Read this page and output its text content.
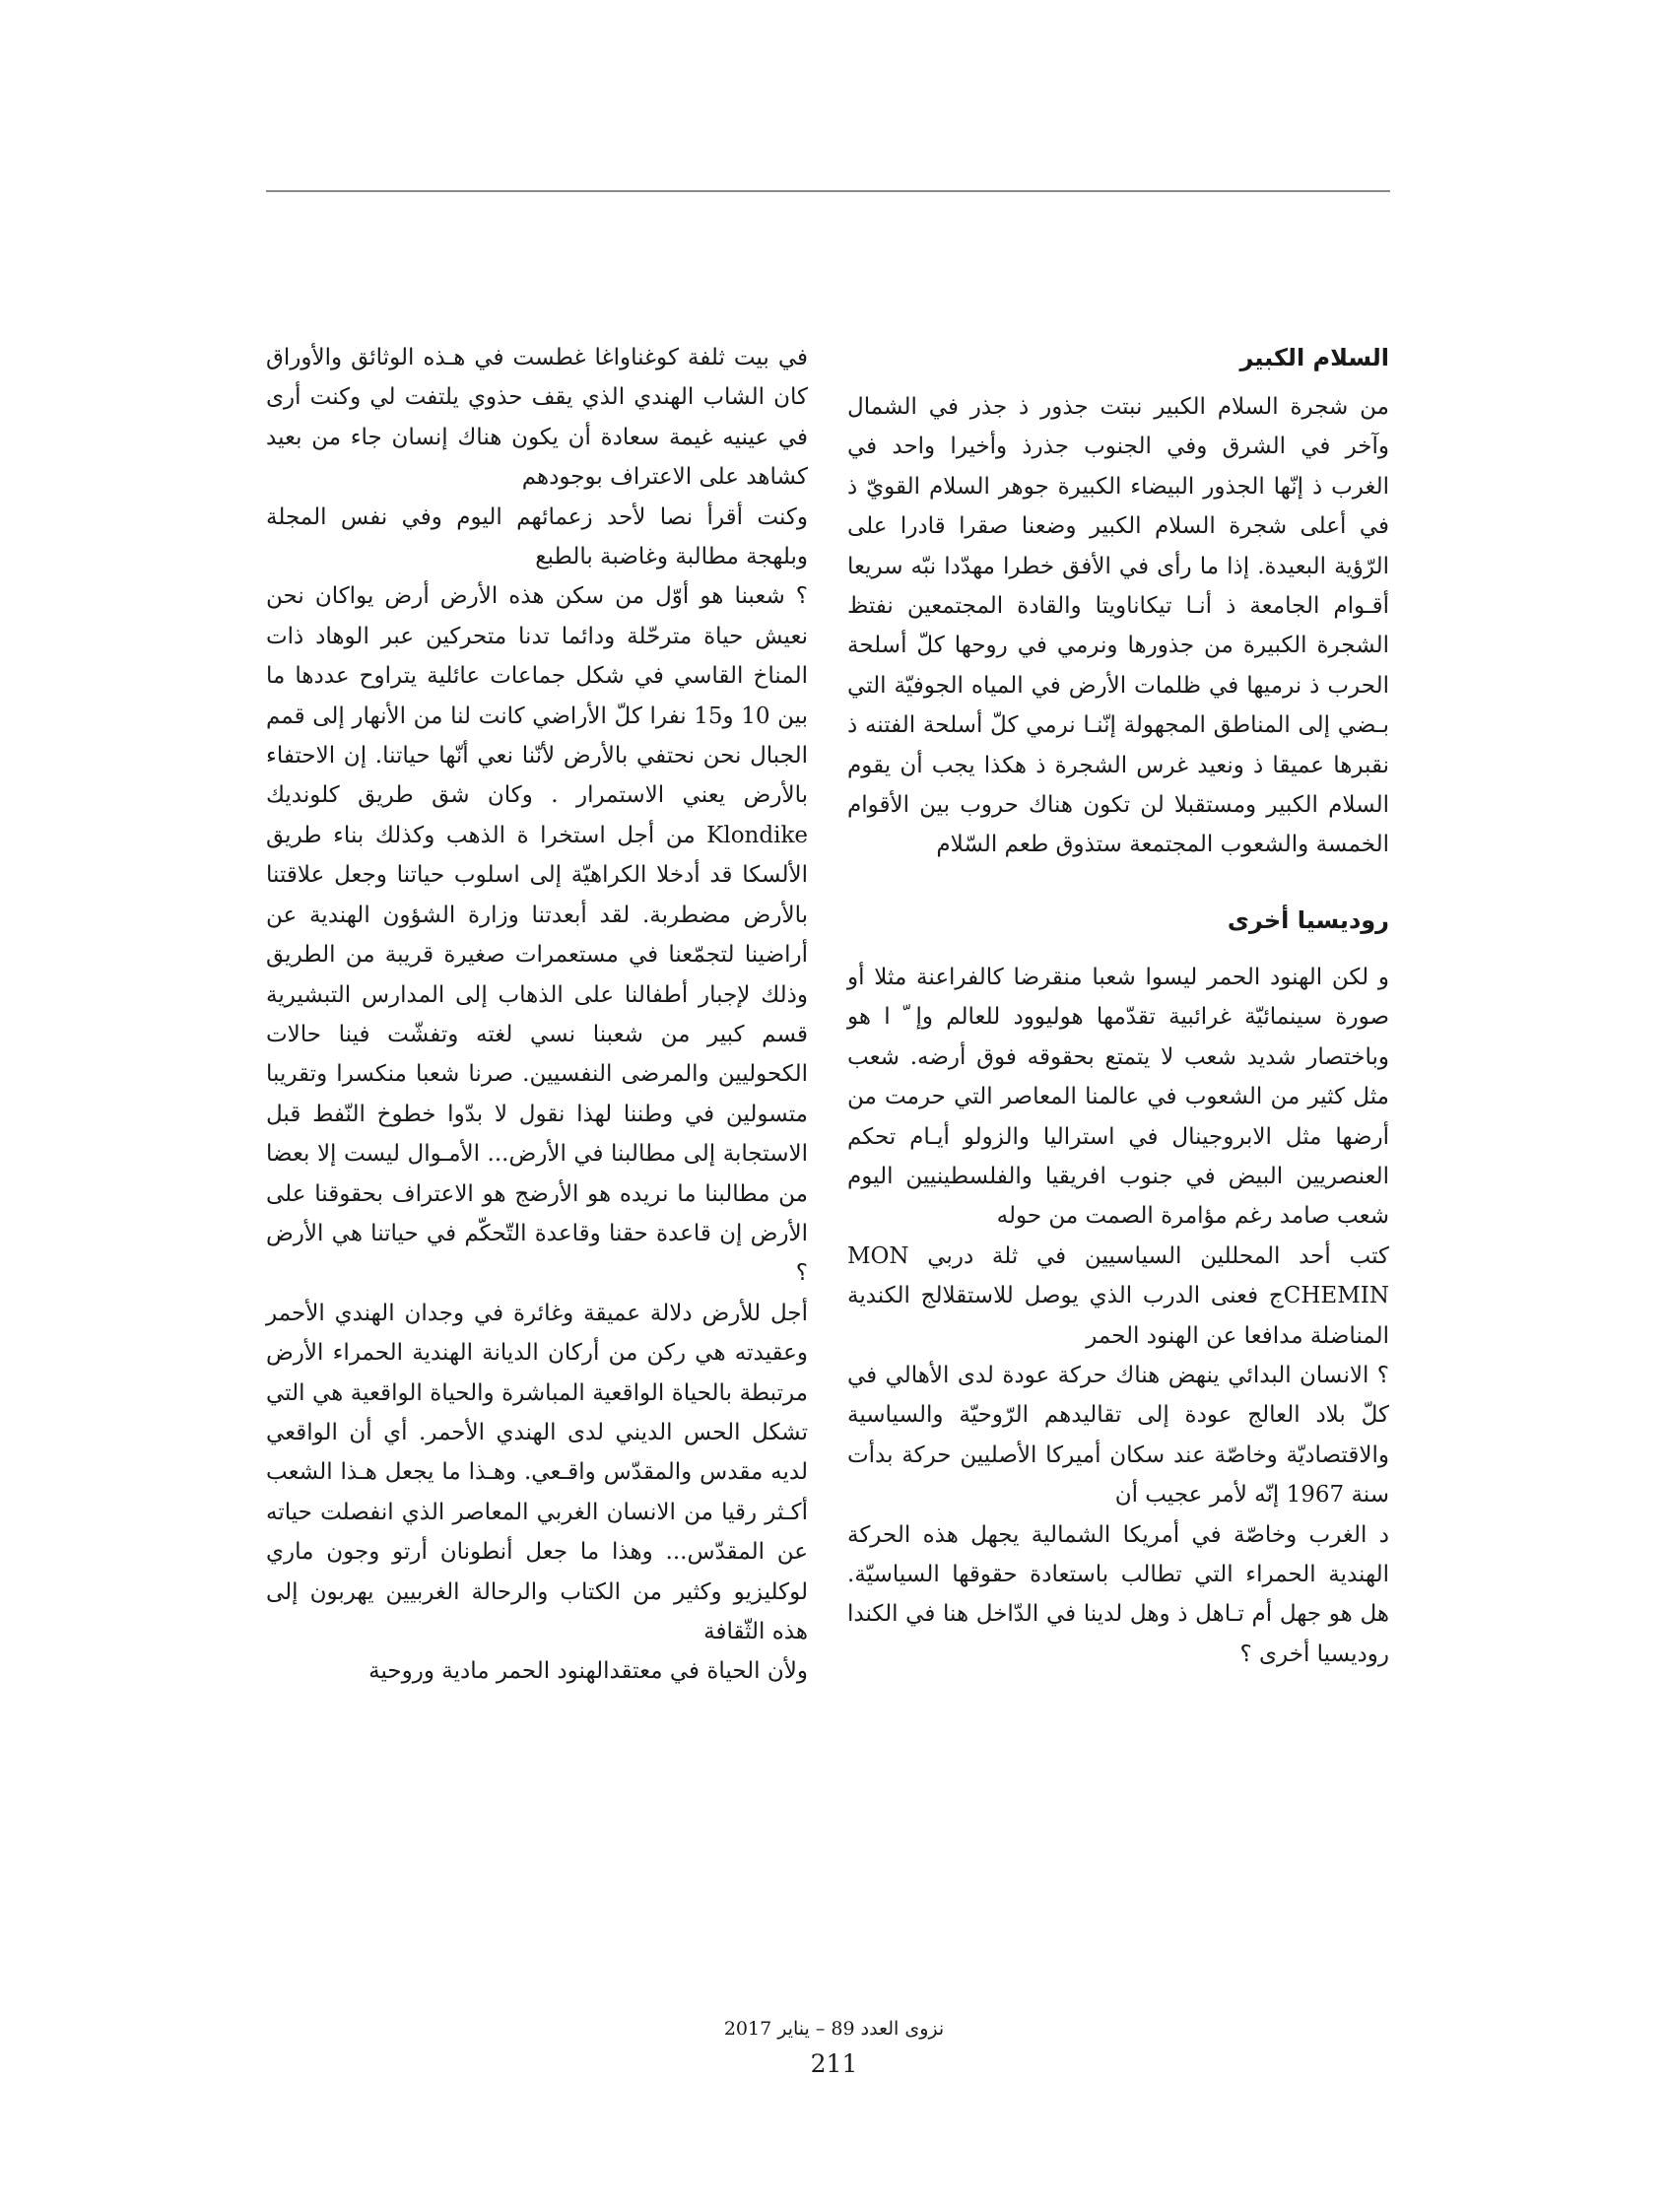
السلام الكبير

من شجرة السلام الكبير نبتت جذور ذ جذر في الشمال وآخر في الشرق وفي الجنوب جذرذ وأخيرا واحد في الغرب ذ إنّها الجذور البيضاء الكبيرة جوهر السلام القويّ ذ في أعلى شجرة السلام الكبير وضعنا صقرا قادرا على الرّؤية البعيدة. إذا ما رأى في الأفق خطرا مهدّدا نبّه سريعا أقـوام الجامعة ذ أنـا تيكاناويتا والقادة المجتمعين نفتظ الشجرة الكبيرة من جذورها ونرمي في روحها كلّ أسلحة الحرب ذ نرميها في ظلمات الأرض في المياه الجوفيّة التي بـضي إلى المناطق المجهولة إنّنـا نرمي كلّ أسلحة الفتنه ذ نقبرها عميقا ذ ونعيد غرس الشجرة ذ هكذا يجب أن يقوم السلام الكبير ومستقبلا لن تكون هناك حروب بين الأقوام الخمسة والشعوب المجتمعة ستذوق طعم السّلام

روديسيا أخرى

و لكن الهنود الحمر ليسوا شعبا منقرضا كالفراعنة مثلا أو صورة سينمائيّة غرائبية تقدّمها هوليوود للعالم وإ ّ ا هو وباختصار شديد شعب لا يتمتع بحقوقه فوق أرضه. شعب مثل كثير من الشعوب في عالمنا المعاصر التي حرمت من أرضها مثل الابروجينال في استراليا والزولو أيـام تحكم العنصريين البيض في جنوب افريقيا والفلسطينيين اليوم شعب صامد رغم مؤامرة الصمت من حوله

كتب أحد المحللين السياسيين في ثلة دربي MON CHEMINج فعنى الدرب الذي يوصل للاستقلالج الكندية المناضلة مدافعا عن الهنود الحمر

؟ الانسان البدائي ينهض هناك حركة عودة لدى الأهالي في كلّ بلاد العالج عودة إلى تقاليدهم الرّوحيّة والسياسية والاقتصاديّة وخاصّة عند سكان أميركا الأصليين حركة بدأت سنة 1967 إنّه لأمر عجيب أن

د الغرب وخاصّة في أمريكا الشمالية يجهل هذه الحركة الهندية الحمراء التي تطالب باستعادة حقوقها السياسيّة. هل هو جهل أم تـاهل ذ وهل لدينا في الدّاخل هنا في الكندا روديسيا أخرى ؟

في بيت ثلفة كوغناواغا غطست في هـذه الوثائق والأوراق كان الشاب الهندي الذي يقف حذوي يلتفت لي وكنت أرى في عينيه غيمة سعادة أن يكون هناك إنسان جاء من بعيد كشاهد على الاعتراف بوجودهم

وكنت أقرأ نصا لأحد زعمائهم اليوم وفي نفس المجلة وبلهجة مطالبة وغاضبة بالطبع

؟ شعبنا هو أوّل من سكن هذه الأرض أرض يواكان نحن نعيش حياة مترحّلة ودائما تدنا متحركين عبر الوهاد ذات المناخ القاسي في شكل جماعات عائلية يتراوح عددها ما بين 10 و15 نفرا كلّ الأراضي كانت لنا من الأنهار إلى قمم الجبال نحن نحتفي بالأرض لأنّنا نعي أنّها حياتنا. إن الاحتفاء بالأرض يعني الاستمرار . وكان شق طريق كلونديك Klondike من أجل استخرا ة الذهب وكذلك بناء طريق الألسكا قد أدخلا الكراهيّة إلى اسلوب حياتنا وجعل علاقتنا بالأرض مضطربة. لقد أبعدتنا وزارة الشؤون الهندية عن أراضينا لتجمّعنا في مستعمرات صغيرة قريبة من الطريق وذلك لإجبار أطفالنا على الذهاب إلى المدارس التبشيرية قسم كبير من شعبنا نسي لغته وتفشّت فينا حالات الكحوليين والمرضى النفسيين. صرنا شعبا منكسرا وتقريبا متسولين في وطننا لهذا نقول لا بدّوا خطوخ النّفط قبل الاستجابة إلى مطالبنا في الأرض... الأمـوال ليست إلا بعضا من مطالبنا ما نريده هو الأرضج هو الاعتراف بحقوقنا على الأرض إن قاعدة حقنا وقاعدة التّحكّم في حياتنا هي الأرض ؟

أجل للأرض دلالة عميقة وغائرة في وجدان الهندي الأحمر وعقيدته هي ركن من أركان الديانة الهندية الحمراء الأرض مرتبطة بالحياة الواقعية المباشرة والحياة الواقعية هي التي تشكل الحس الديني لدى الهندي الأحمر. أي أن الواقعي لديه مقدس والمقدّس واقـعي. وهـذا ما يجعل هـذا الشعب أكـثر رقيا من الانسان الغربي المعاصر الذي انفصلت حياته عن المقدّس... وهذا ما جعل أنطونان أرتو وجون ماري لوكليزيو وكثير من الكتاب والرحالة الغربيين يهربون إلى هذه الثّقافة

ولأن الحياة في معتقدالهنود الحمر مادية وروحية

نزوى العدد 89 – يناير 2017
211
